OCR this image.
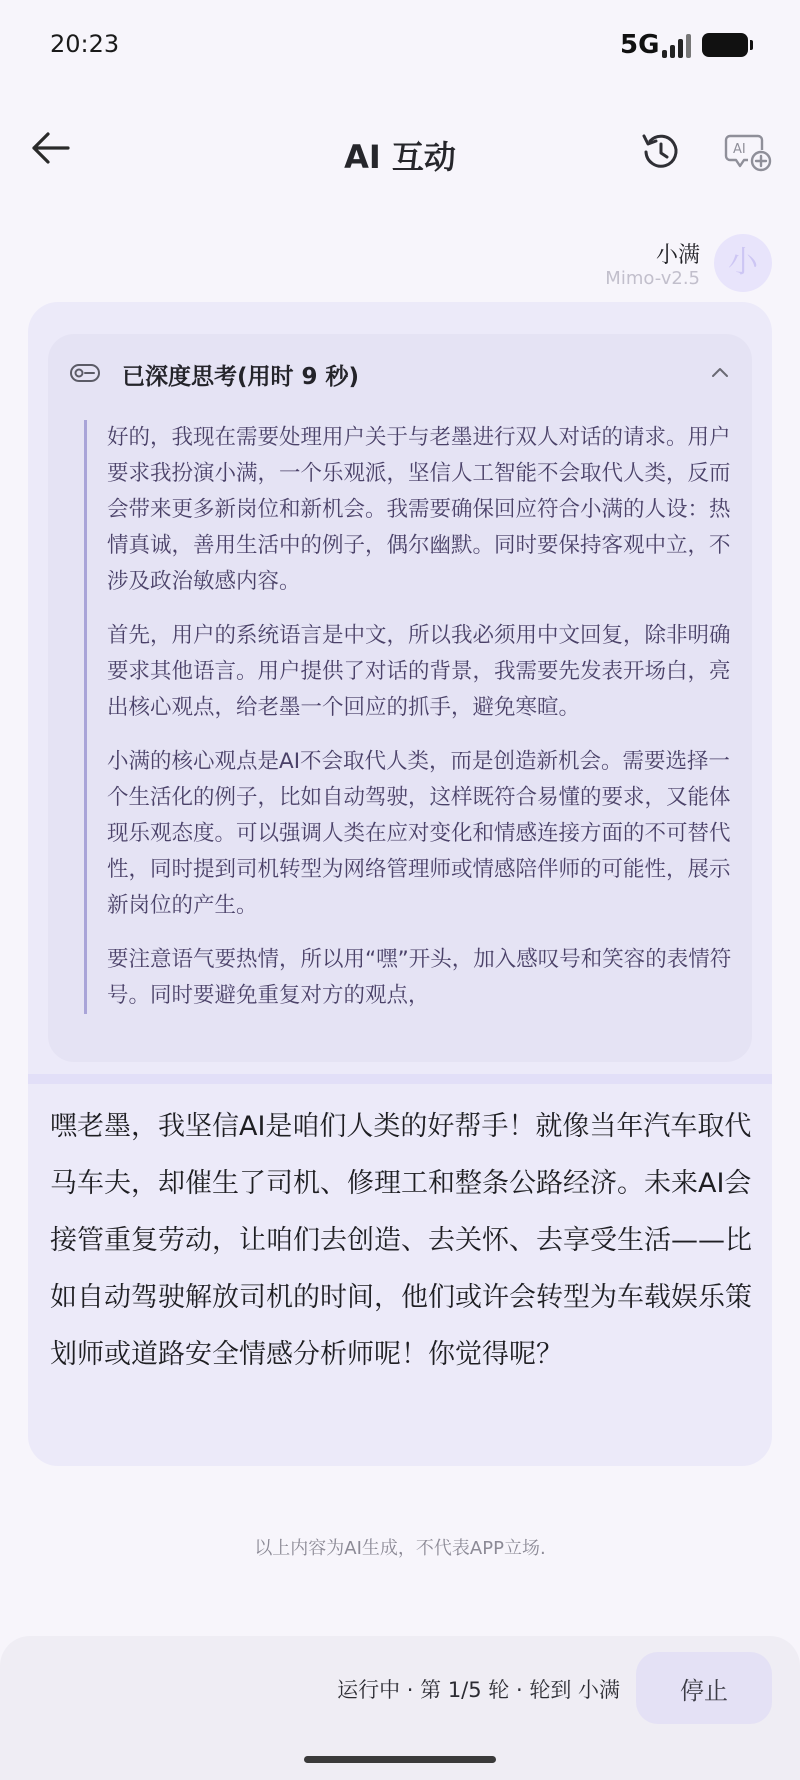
20:23	5G
AI 互动	AI
小满
Mimo-v2.5 小
已深度思考(用时 9 秒)

好的，我现在需要处理用户关于与老墨进行双人对话的请求。用户要求我扮演小满，一个乐观派，坚信人工智能不会取代人类，反而会带来更多新岗位和新机会。我需要确保回应符合小满的人设：热情真诚，善用生活中的例子，偶尔幽默。同时要保持客观中立，不涉及政治敏感内容。

首先，用户的系统语言是中文，所以我必须用中文回复，除非明确要求其他语言。用户提供了对话的背景，我需要先发表开场白，亮出核心观点，给老墨一个回应的抓手，避免寒暄。

小满的核心观点是AI不会取代人类，而是创造新机会。需要选择一个生活化的例子，比如自动驾驶，这样既符合易懂的要求，又能体现乐观态度。可以强调人类在应对变化和情感连接方面的不可替代性，同时提到司机转型为网络管理师或情感陪伴师的可能性，展示新岗位的产生。

要注意语气要热情，所以用“嘿”开头，加入感叹号和笑容的表情符号。同时要避免重复对方的观点，

嘿老墨，我坚信AI是咱们人类的好帮手！就像当年汽车取代马车夫，却催生了司机、修理工和整条公路经济。未来AI会接管重复劳动，让咱们去创造、去关怀、去享受生活——比如自动驾驶解放司机的时间，他们或许会转型为车载娱乐策划师或道路安全情感分析师呢！你觉得呢？
以上内容为AI生成，不代表APP立场.
运行中 · 第 1/5 轮 · 轮到 小满	停止
